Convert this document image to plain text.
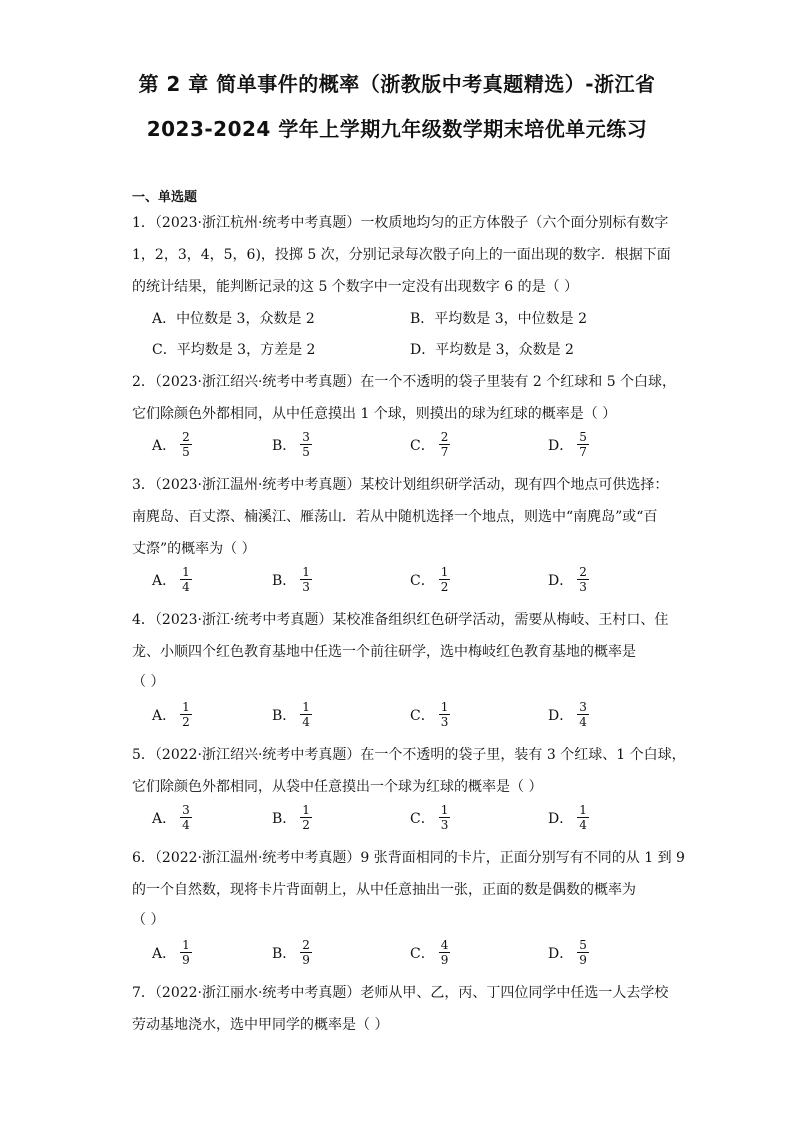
第 2 章 简单事件的概率（浙教版中考真题精选）-浙江省
2023-2024 学年上学期九年级数学期末培优单元练习
一、单选题
1．（2023·浙江杭州·统考中考真题）一枚质地均匀的正方体骰子（六个面分别标有数字
1，2，3，4，5，6)，投掷 5 次，分别记录每次骰子向上的一面出现的数字．根据下面
的统计结果，能判断记录的这 5 个数字中一定没有出现数字 6 的是（ ）
A．中位数是 3，众数是 2	B．平均数是 3，中位数是 2
C．平均数是 3，方差是 2	D．平均数是 3，众数是 2
2．（2023·浙江绍兴·统考中考真题）在一个不透明的袋子里装有 2 个红球和 5 个白球，
它们除颜色外都相同，从中任意摸出 1 个球，则摸出的球为红球的概率是（ ）
A． $\frac{2}{5}$	B． $\frac{3}{5}$	C． $\frac{2}{7}$	D． $\frac{5}{7}$
3．（2023·浙江温州·统考中考真题）某校计划组织研学活动，现有四个地点可供选择：
南麂岛、百丈漈、楠溪江、雁荡山．若从中随机选择一个地点，则选中“南麂岛”或“百
丈漈”的概率为（ ）
A． $\frac{1}{4}$	B． $\frac{1}{3}$	C． $\frac{1}{2}$	D． $\frac{2}{3}$
4．（2023·浙江·统考中考真题）某校准备组织红色研学活动，需要从梅岐、王村口、住
龙、小顺四个红色教育基地中任选一个前往研学，选中梅岐红色教育基地的概率是
（ ）
A． $\frac{1}{2}$	B． $\frac{1}{4}$	C． $\frac{1}{3}$	D． $\frac{3}{4}$
5．（2022·浙江绍兴·统考中考真题）在一个不透明的袋子里，装有 3 个红球、1 个白球，
它们除颜色外都相同，从袋中任意摸出一个球为红球的概率是（ ）
A． $\frac{3}{4}$	B． $\frac{1}{2}$	C． $\frac{1}{3}$	D． $\frac{1}{4}$
6．（2022·浙江温州·统考中考真题）9 张背面相同的卡片，正面分别写有不同的从 1 到 9
的一个自然数，现将卡片背面朝上，从中任意抽出一张，正面的数是偶数的概率为
（ ）
A． $\frac{1}{9}$	B． $\frac{2}{9}$	C． $\frac{4}{9}$	D． $\frac{5}{9}$
7．（2022·浙江丽水·统考中考真题）老师从甲、乙，丙、丁四位同学中任选一人去学校
劳动基地浇水，选中甲同学的概率是（ ）
